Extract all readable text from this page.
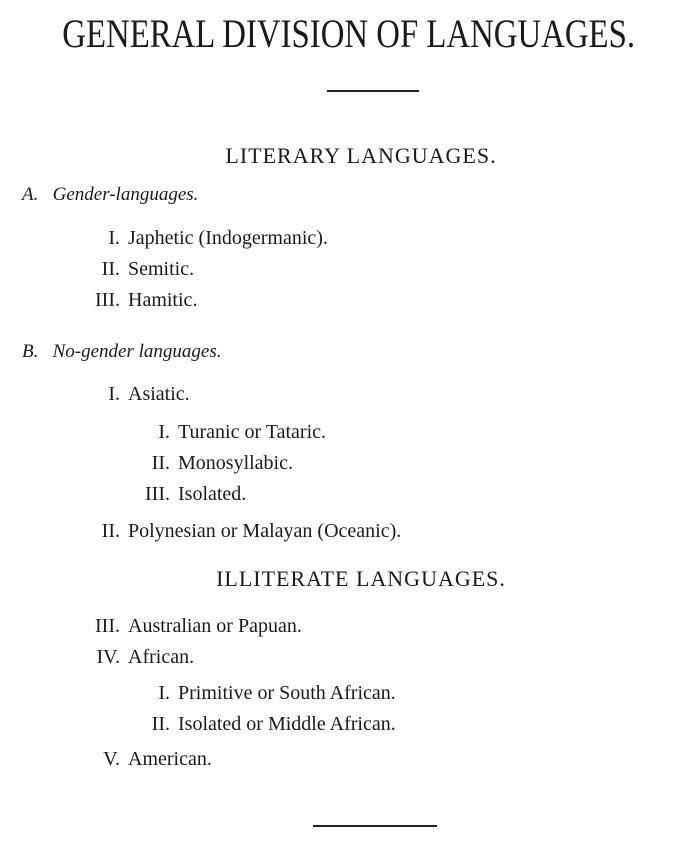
GENERAL DIVISION OF LANGUAGES.
LITERARY LANGUAGES.
A. Gender-languages.
I. Japhetic (Indogermanic).
II. Semitic.
III. Hamitic.
B. No-gender languages.
I. Asiatic.
I. Turanic or Tataric.
II. Monosyllabic.
III. Isolated.
II. Polynesian or Malayan (Oceanic).
ILLITERATE LANGUAGES.
III. Australian or Papuan.
IV. African.
I. Primitive or South African.
II. Isolated or Middle African.
V. American.
